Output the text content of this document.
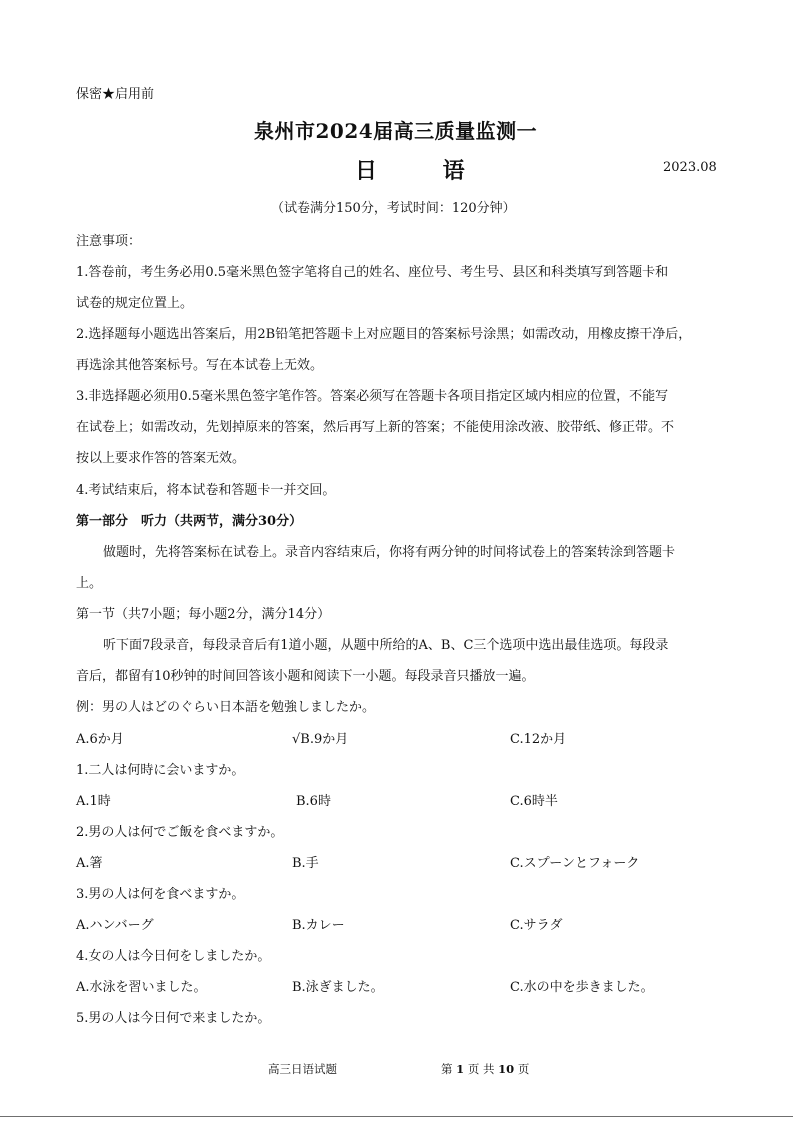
保密★启用前
泉州市2024届高三质量监测一
日 语	2023.08
（试卷满分150分，考试时间：120分钟）
注意事项：
1.答卷前，考生务必用0.5毫米黑色签字笔将自己的姓名、座位号、考生号、县区和科类填写到答题卡和
试卷的规定位置上。
2.选择题每小题选出答案后，用2B铅笔把答题卡上对应题目的答案标号涂黑；如需改动，用橡皮擦干净后，
再选涂其他答案标号。写在本试卷上无效。
3.非选择题必须用0.5毫米黑色签字笔作答。答案必须写在答题卡各项目指定区域内相应的位置，不能写
在试卷上；如需改动，先划掉原来的答案，然后再写上新的答案；不能使用涂改液、胶带纸、修正带。不
按以上要求作答的答案无效。
4.考试结束后，将本试卷和答题卡一并交回。
第一部分　听力（共两节，满分30分）
做题时，先将答案标在试卷上。录音内容结束后，你将有两分钟的时间将试卷上的答案转涂到答题卡
上。
第一节（共7小题；每小题2分，满分14分）
听下面7段录音，每段录音后有1道小题，从题中所给的A、B、C三个选项中选出最佳选项。每段录
音后，都留有10秒钟的时间回答该小题和阅读下一小题。每段录音只播放一遍。
例：男の人はどのぐらい日本語を勉強しましたか。
A.6か月	√B.9か月	C.12か月
1.二人は何時に会いますか。
A.1時	B.6時	C.6時半
2.男の人は何でご飯を食べますか。
A.箸	B.手	C.スプーンとフォーク
3.男の人は何を食べますか。
A.ハンバーグ	B.カレー	C.サラダ
4.女の人は今日何をしましたか。
A.水泳を習いました。	B.泳ぎました。	C.水の中を歩きました。
5.男の人は今日何で来ましたか。
高三日语试题	第 1 页 共 10 页
